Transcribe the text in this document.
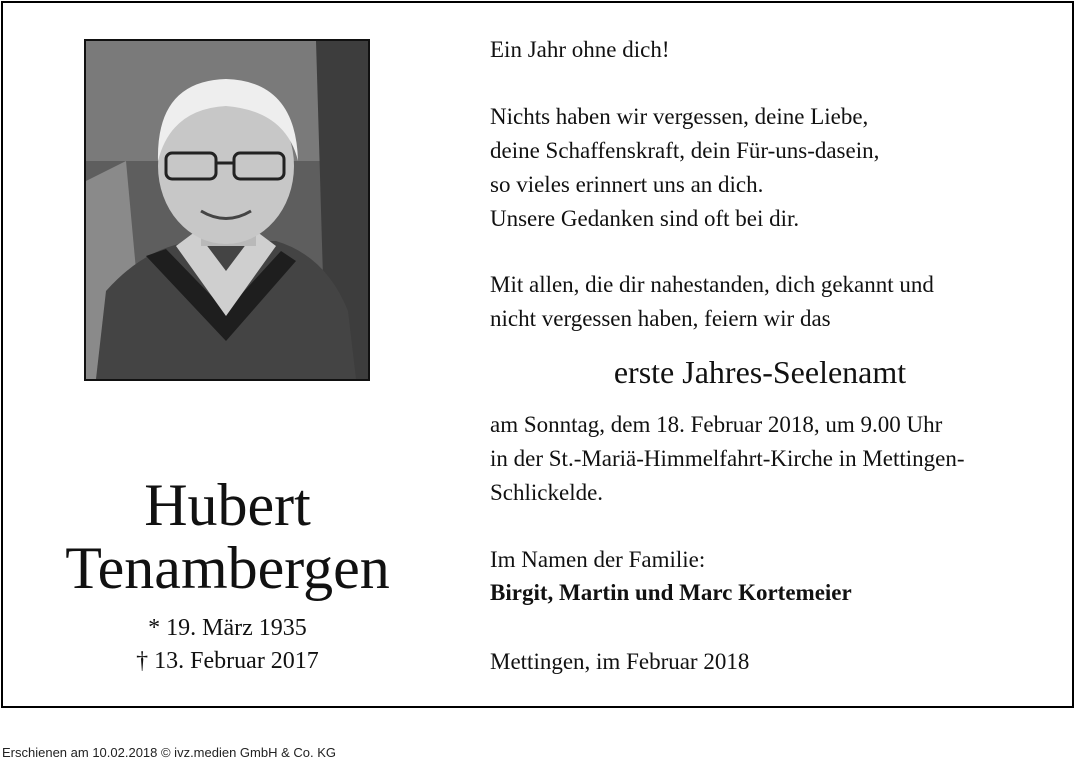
Hubert
Tenambergen
* 19. März 1935
† 13. Februar 2017
Ein Jahr ohne dich!
Nichts haben wir vergessen, deine Liebe,
deine Schaffenskraft, dein Für-uns-dasein,
so vieles erinnert uns an dich.
Unsere Gedanken sind oft bei dir.
Mit allen, die dir nahestanden, dich gekannt und
nicht vergessen haben, feiern wir das
erste Jahres-Seelenamt
am Sonntag, dem 18. Februar 2018, um 9.00 Uhr
in der St.-Mariä-Himmelfahrt-Kirche in Mettingen-
Schlickelde.
Im Namen der Familie:
Birgit, Martin und Marc Kortemeier
Mettingen, im Februar 2018
Erschienen am 10.02.2018 © ivz.medien GmbH & Co. KG
